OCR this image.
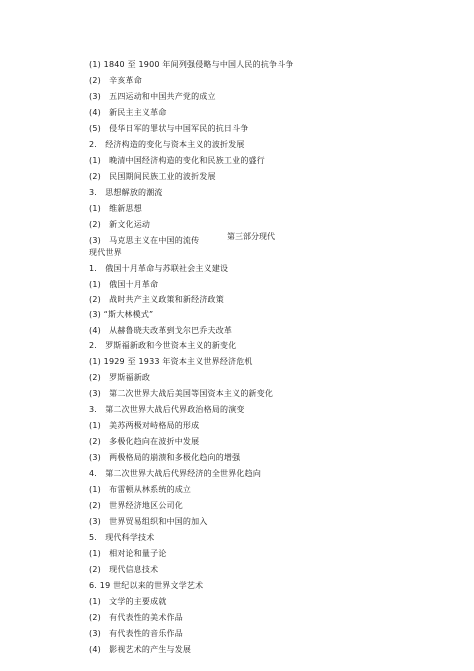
(1) 1840 至 1900 年间列强侵略与中国人民的抗争斗争
(2)　辛亥革命
(3)　五四运动和中国共产党的成立
(4)　新民主主义革命
(5)　侵华日军的罪状与中国军民的抗日斗争
2.　经济构造的变化与资本主义的波折发展
(1)　晚清中国经济构造的变化和民族工业的盛行
(2)　民国期间民族工业的波折发展
3.　思想解放的潮流
(1)　维新思想
(2)　新文化运动
(3)　马克思主义在中国的流传	第三部分现代
现代世界
1.　俄国十月革命与苏联社会主义建设
(1)　俄国十月革命
(2)　战时共产主义政策和新经济政策
(3) “斯大林模式”
(4)　从赫鲁晓夫改革到戈尔巴乔夫改革
2.　罗斯福新政和今世资本主义的新变化
(1) 1929 至 1933 年资本主义世界经济危机
(2)　罗斯福新政
(3)　第二次世界大战后美国等国资本主义的新变化
3.　第二次世界大战后代界政治格局的演变
(1)　美苏两极对峙格局的形成
(2)　多极化趋向在波折中发展
(3)　两极格局的崩溃和多极化趋向的增强
4.　第二次世界大战后代界经济的全世界化趋向
(1)　布雷顿从林系统的成立
(2)　世界经济地区公司化
(3)　世界贸易组织和中国的加入
5.　现代科学技术
(1)　相对论和量子论
(2)　现代信息技术
6. 19 世纪以来的世界文学艺术
(1)　文学的主要成就
(2)　有代表性的美术作品
(3)　有代表性的音乐作品
(4)　影视艺术的产生与发展
